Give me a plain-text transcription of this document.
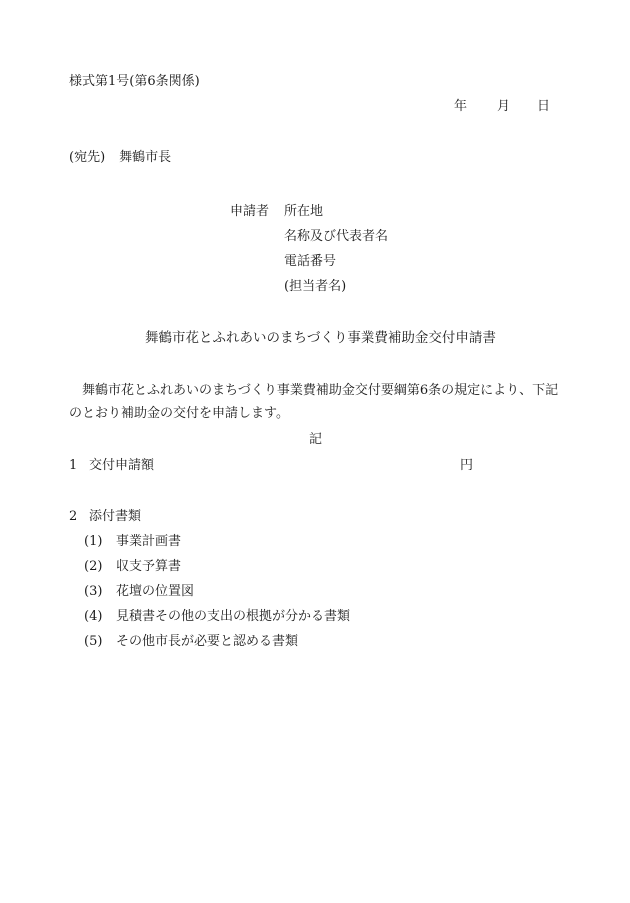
様式第1号(第6条関係)
年 月 日
(宛先) 舞鶴市長
申請者 所在地
名称及び代表者名
電話番号
(担当者名)
舞鶴市花とふれあいのまちづくり事業費補助金交付申請書
舞鶴市花とふれあいのまちづくり事業費補助金交付要綱第6条の規定により、下記のとおり補助金の交付を申請します。
記
1 交付申請額	円
2 添付書類
(1) 事業計画書
(2) 収支予算書
(3) 花壇の位置図
(4) 見積書その他の支出の根拠が分かる書類
(5) その他市長が必要と認める書類
